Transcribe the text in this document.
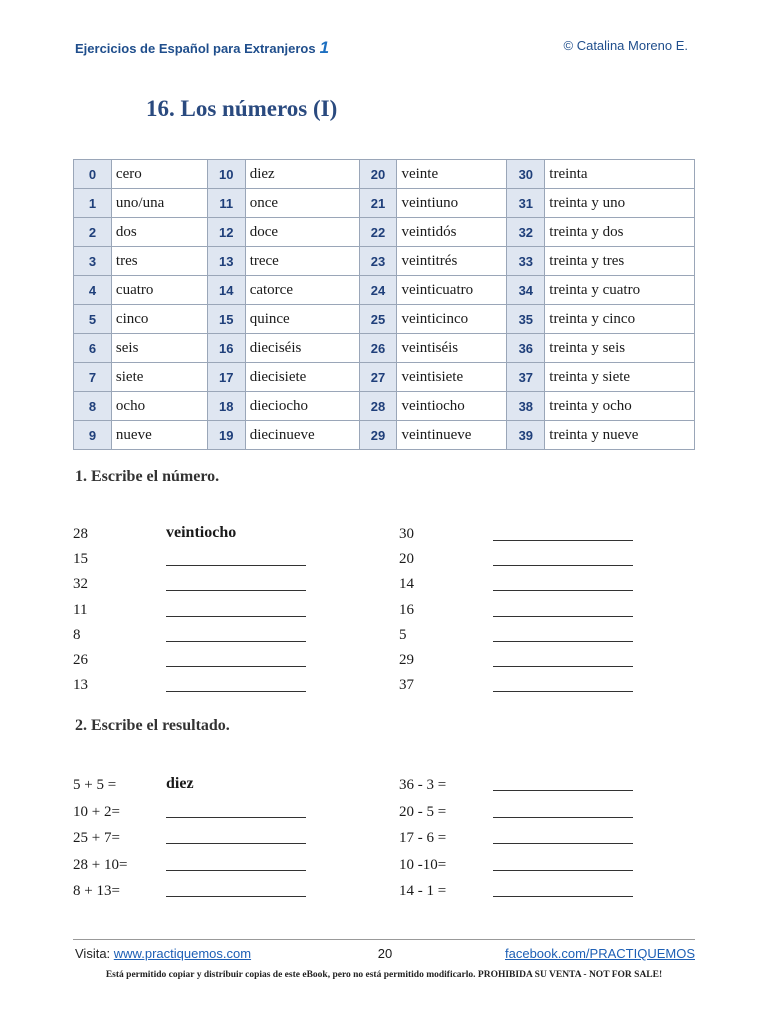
Ejercicios de Español para Extranjeros 1	© Catalina Moreno E.
16. Los números (I)
0	cero	10	diez	20	veinte	30	treinta
1	uno/una	11	once	21	veintiuno	31	treinta y uno
2	dos	12	doce	22	veintidós	32	treinta y dos
3	tres	13	trece	23	veintitrés	33	treinta y tres
4	cuatro	14	catorce	24	veinticuatro	34	treinta y cuatro
5	cinco	15	quince	25	veinticinco	35	treinta y cinco
6	seis	16	dieciséis	26	veintiséis	36	treinta y seis
7	siete	17	diecisiete	27	veintisiete	37	treinta y siete
8	ocho	18	dieciocho	28	veintiocho	38	treinta y ocho
9	nueve	19	diecinueve	29	veintinueve	39	treinta y nueve
1. Escribe el número.
28	veintiocho
15
32
11
8
26
13
30
20
14
16
5
29
37
2. Escribe el resultado.
5 + 5 =	diez
10 + 2=
25 + 7=
28 + 10=
8 + 13=
36 - 3 =
20 - 5 =
17 - 6 =
10 -10=
14 - 1 =
Visita: www.practiquemos.com	20	facebook.com/PRACTIQUEMOS
Está permitido copiar y distribuir copias de este eBook, pero no está permitido modificarlo. PROHIBIDA SU VENTA - NOT FOR SALE!
